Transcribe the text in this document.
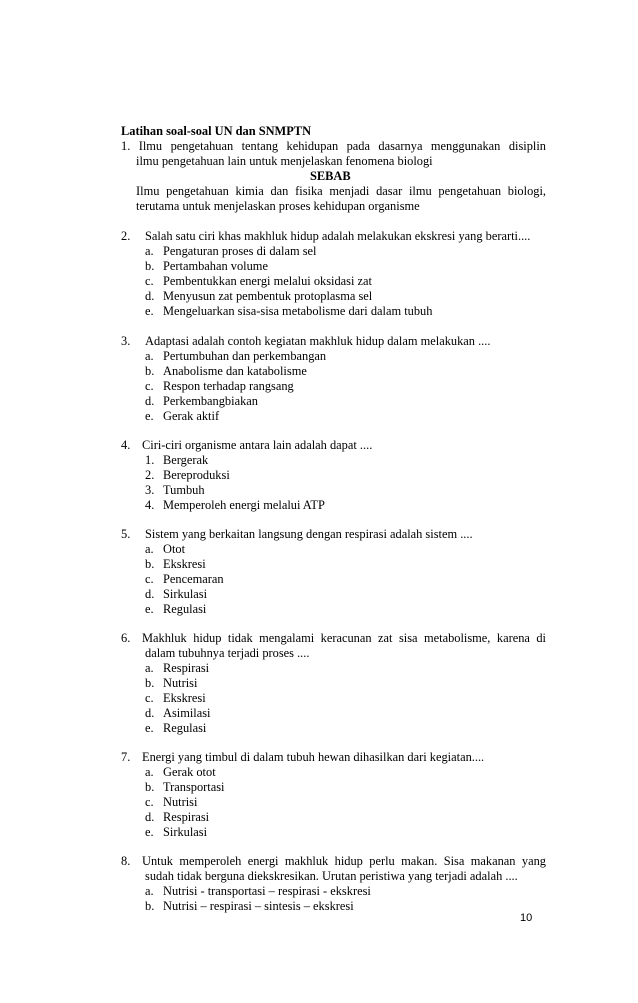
Latihan soal-soal UN dan SNMPTN
1. Ilmu pengetahuan tentang kehidupan pada dasarnya menggunakan disiplin
ilmu pengetahuan lain untuk menjelaskan fenomena biologi
SEBAB
Ilmu pengetahuan kimia dan fisika menjadi dasar ilmu pengetahuan biologi,
terutama untuk menjelaskan proses kehidupan organisme
2. Salah satu ciri khas makhluk hidup adalah melakukan ekskresi yang berarti....
a. Pengaturan proses di dalam sel
b. Pertambahan volume
c. Pembentukkan energi melalui oksidasi zat
d. Menyusun zat pembentuk protoplasma sel
e. Mengeluarkan sisa-sisa metabolisme dari dalam tubuh
3. Adaptasi adalah contoh kegiatan makhluk hidup dalam melakukan ....
a. Pertumbuhan dan perkembangan
b. Anabolisme dan katabolisme
c. Respon terhadap rangsang
d. Perkembangbiakan
e. Gerak aktif
4. Ciri-ciri organisme antara lain adalah dapat ....
1. Bergerak
2. Bereproduksi
3. Tumbuh
4. Memperoleh energi melalui ATP
5. Sistem yang berkaitan langsung dengan respirasi adalah sistem ....
a. Otot
b. Ekskresi
c. Pencemaran
d. Sirkulasi
e. Regulasi
6. Makhluk hidup tidak mengalami keracunan zat sisa metabolisme, karena di
dalam tubuhnya terjadi proses ....
a. Respirasi
b. Nutrisi
c. Ekskresi
d. Asimilasi
e. Regulasi
7. Energi yang timbul di dalam tubuh hewan dihasilkan dari kegiatan....
a. Gerak otot
b. Transportasi
c. Nutrisi
d. Respirasi
e. Sirkulasi
8. Untuk memperoleh energi makhluk hidup perlu makan. Sisa makanan yang
sudah tidak berguna diekskresikan. Urutan peristiwa yang terjadi adalah ....
a. Nutrisi - transportasi – respirasi - ekskresi
b. Nutrisi – respirasi – sintesis – ekskresi
10
